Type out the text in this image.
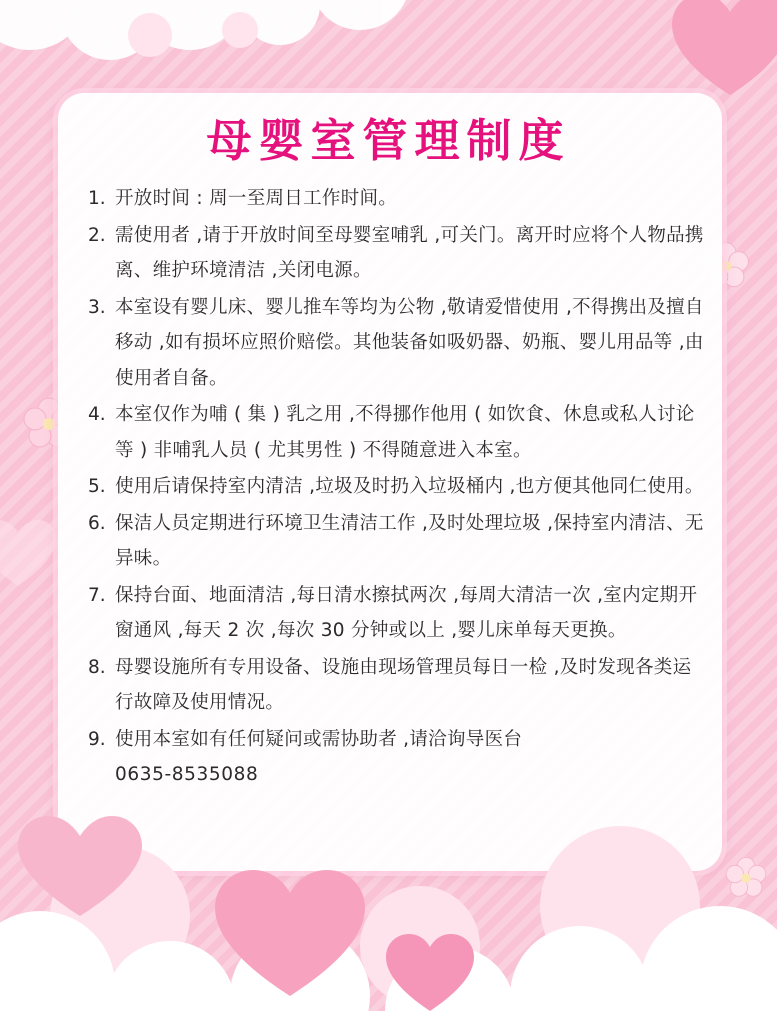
母婴室管理制度
1. 开放时间 : 周一至周日工作时间。
2. 需使用者 ,请于开放时间至母婴室哺乳 ,可关门。离开时应将个人物品携离、维护环境清洁 ,关闭电源。
3. 本室设有婴儿床、婴儿推车等均为公物 ,敬请爱惜使用 ,不得携出及擅自移动 ,如有损坏应照价赔偿。其他装备如吸奶器、奶瓶、婴儿用品等 ,由使用者自备。
4. 本室仅作为哺 ( 集 ) 乳之用 ,不得挪作他用 ( 如饮食、休息或私人讨论等 ) 非哺乳人员 ( 尤其男性 ) 不得随意进入本室。
5. 使用后请保持室内清洁 ,垃圾及时扔入垃圾桶内 ,也方便其他同仁使用。
6. 保洁人员定期进行环境卫生清洁工作 ,及时处理垃圾 ,保持室内清洁、无异味。
7. 保持台面、地面清洁 ,每日清水擦拭两次 ,每周大清洁一次 ,室内定期开窗通风 ,每天 2 次 ,每次 30 分钟或以上 ,婴儿床单每天更换。
8. 母婴设施所有专用设备、设施由现场管理员每日一检 ,及时发现各类运行故障及使用情况。
9. 使用本室如有任何疑问或需协助者 ,请洽询导医台
0635-8535088
